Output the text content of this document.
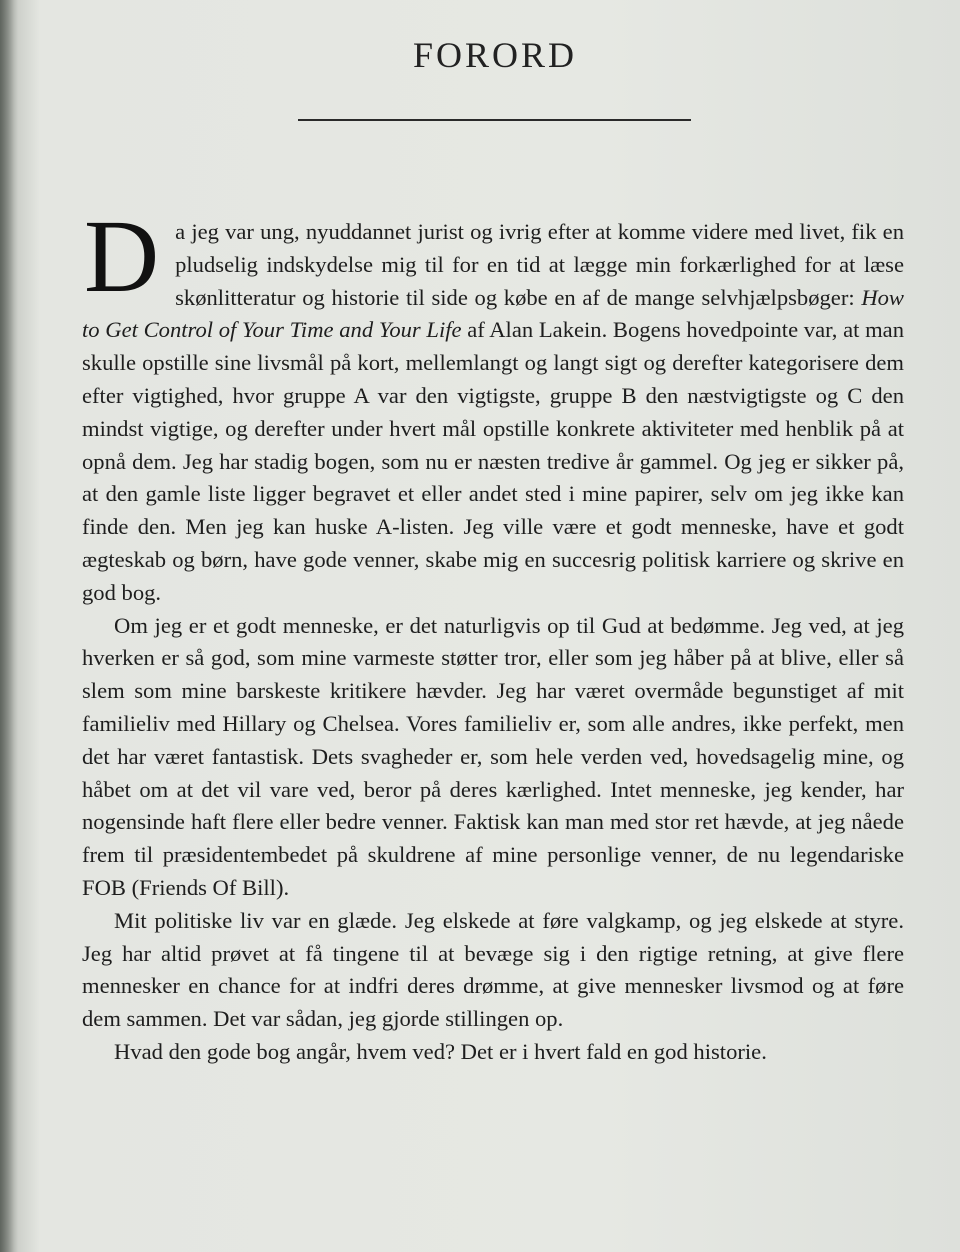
FORORD

Da jeg var ung, nyuddannet jurist og ivrig efter at komme videre med livet, fik en pludselig indskydelse mig til for en tid at lægge min forkærlighed for at læse skønlitteratur og historie til side og købe en af de mange selvhjælpsbøger: How to Get Control of Your Time and Your Life af Alan Lakein. Bogens hovedpointe var, at man skulle opstille sine livsmål på kort, mellemlangt og langt sigt og derefter kategorisere dem efter vigtighed, hvor gruppe A var den vigtigste, gruppe B den næstvigtigste og C den mindst vigtige, og derefter under hvert mål opstille konkrete aktiviteter med henblik på at opnå dem. Jeg har stadig bogen, som nu er næsten tredive år gammel. Og jeg er sikker på, at den gamle liste ligger begravet et eller andet sted i mine papirer, selv om jeg ikke kan finde den. Men jeg kan huske A-listen. Jeg ville være et godt menneske, have et godt ægteskab og børn, have gode venner, skabe mig en succesrig politisk karriere og skrive en god bog.

Om jeg er et godt menneske, er det naturligvis op til Gud at bedømme. Jeg ved, at jeg hverken er så god, som mine varmeste støtter tror, eller som jeg håber på at blive, eller så slem som mine barskeste kritikere hævder. Jeg har været overmåde begunstiget af mit familieliv med Hillary og Chelsea. Vores familieliv er, som alle andres, ikke perfekt, men det har været fantastisk. Dets svagheder er, som hele verden ved, hovedsagelig mine, og håbet om at det vil vare ved, beror på deres kærlighed. Intet menneske, jeg kender, har nogensinde haft flere eller bedre venner. Faktisk kan man med stor ret hævde, at jeg nåede frem til præsidentembedet på skuldrene af mine personlige venner, de nu legendariske FOB (Friends Of Bill).

Mit politiske liv var en glæde. Jeg elskede at føre valgkamp, og jeg elskede at styre. Jeg har altid prøvet at få tingene til at bevæge sig i den rigtige retning, at give flere mennesker en chance for at indfri deres drømme, at give mennesker livsmod og at føre dem sammen. Det var sådan, jeg gjorde stillingen op.

Hvad den gode bog angår, hvem ved? Det er i hvert fald en god historie.
